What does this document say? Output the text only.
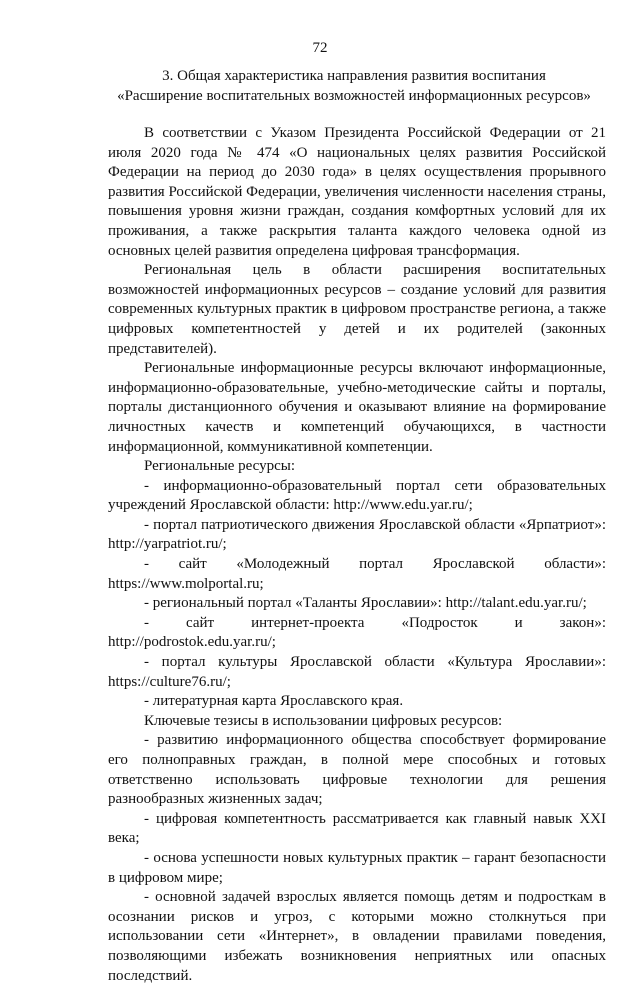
72
3. Общая характеристика направления развития воспитания
«Расширение воспитательных возможностей информационных ресурсов»

В соответствии с Указом Президента Российской Федерации от 21 июля 2020 года № 474 «О национальных целях развития Российской Федерации на период до 2030 года» в целях осуществления прорывного развития Российской Федерации, увеличения численности населения страны, повышения уровня жизни граждан, создания комфортных условий для их проживания, а также раскрытия таланта каждого человека одной из основных целей развития определена цифровая трансформация.

Региональная цель в области расширения воспитательных возможностей информационных ресурсов – создание условий для развития современных культурных практик в цифровом пространстве региона, а также цифровых компетентностей у детей и их родителей (законных представителей).

Региональные информационные ресурсы включают информационные, информационно-образовательные, учебно-методические сайты и порталы, порталы дистанционного обучения и оказывают влияние на формирование личностных качеств и компетенций обучающихся, в частности информационной, коммуникативной компетенции.

Региональные ресурсы:

- информационно-образовательный портал сети образовательных учреждений Ярославской области: http://www.edu.yar.ru/;

- портал патриотического движения Ярославской области «Ярпатриот»: http://yarpatriot.ru/;

- сайт «Молодежный портал Ярославской области»: https://www.molportal.ru;

- региональный портал «Таланты Ярославии»: http://talant.edu.yar.ru/;

- сайт интернет-проекта «Подросток и закон»: http://podrostok.edu.yar.ru/;

- портал культуры Ярославской области «Культура Ярославии»: https://culture76.ru/;

- литературная карта Ярославского края.

Ключевые тезисы в использовании цифровых ресурсов:

- развитию информационного общества способствует формирование его полноправных граждан, в полной мере способных и готовых ответственно использовать цифровые технологии для решения разнообразных жизненных задач;

- цифровая компетентность рассматривается как главный навык XXI века;

- основа успешности новых культурных практик – гарант безопасности в цифровом мире;

- основной задачей взрослых является помощь детям и подросткам в осознании рисков и угроз, с которыми можно столкнуться при использовании сети «Интернет», в овладении правилами поведения, позволяющими избежать возникновения неприятных или опасных последствий.
